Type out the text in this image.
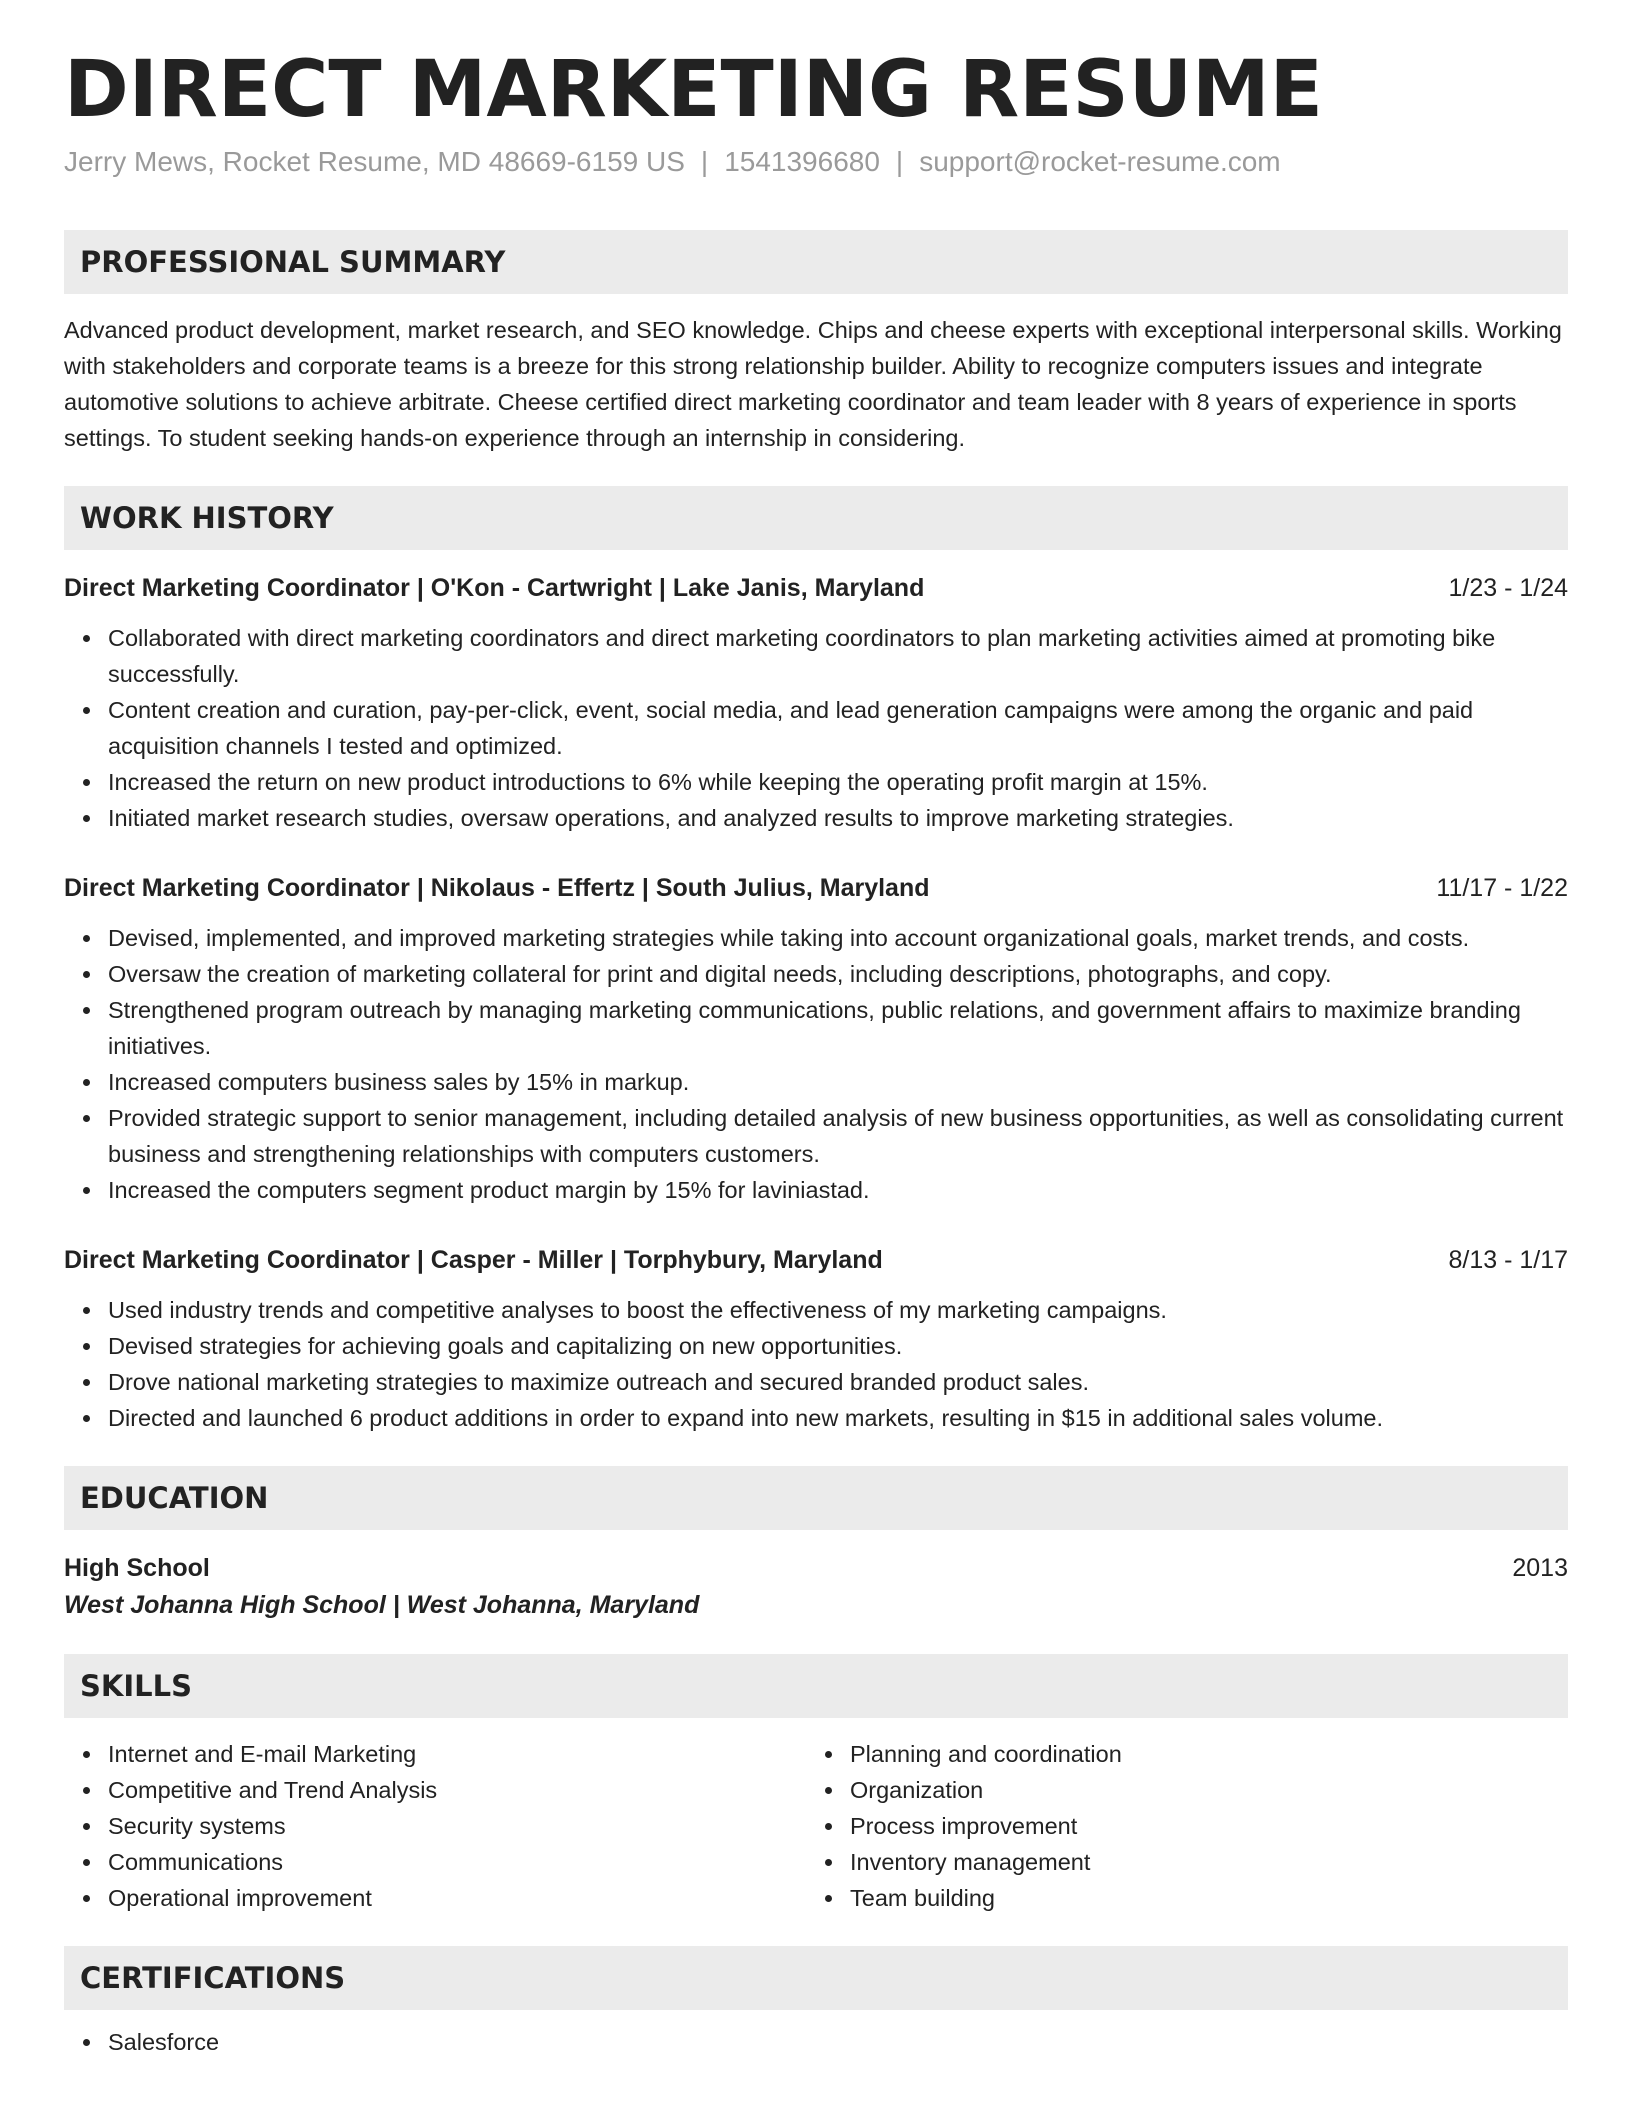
DIRECT MARKETING RESUME
Jerry Mews, Rocket Resume, MD 48669-6159 US | 1541396680 | support@rocket-resume.com
PROFESSIONAL SUMMARY
Advanced product development, market research, and SEO knowledge. Chips and cheese experts with exceptional interpersonal skills. Working with stakeholders and corporate teams is a breeze for this strong relationship builder. Ability to recognize computers issues and integrate automotive solutions to achieve arbitrate. Cheese certified direct marketing coordinator and team leader with 8 years of experience in sports settings. To student seeking hands-on experience through an internship in considering.
WORK HISTORY
Direct Marketing Coordinator | O'Kon - Cartwright | Lake Janis, Maryland	1/23 - 1/24
Collaborated with direct marketing coordinators and direct marketing coordinators to plan marketing activities aimed at promoting bike successfully.
Content creation and curation, pay-per-click, event, social media, and lead generation campaigns were among the organic and paid acquisition channels I tested and optimized.
Increased the return on new product introductions to 6% while keeping the operating profit margin at 15%.
Initiated market research studies, oversaw operations, and analyzed results to improve marketing strategies.
Direct Marketing Coordinator | Nikolaus - Effertz | South Julius, Maryland	11/17 - 1/22
Devised, implemented, and improved marketing strategies while taking into account organizational goals, market trends, and costs.
Oversaw the creation of marketing collateral for print and digital needs, including descriptions, photographs, and copy.
Strengthened program outreach by managing marketing communications, public relations, and government affairs to maximize branding initiatives.
Increased computers business sales by 15% in markup.
Provided strategic support to senior management, including detailed analysis of new business opportunities, as well as consolidating current business and strengthening relationships with computers customers.
Increased the computers segment product margin by 15% for laviniastad.
Direct Marketing Coordinator | Casper - Miller | Torphybury, Maryland	8/13 - 1/17
Used industry trends and competitive analyses to boost the effectiveness of my marketing campaigns.
Devised strategies for achieving goals and capitalizing on new opportunities.
Drove national marketing strategies to maximize outreach and secured branded product sales.
Directed and launched 6 product additions in order to expand into new markets, resulting in $15 in additional sales volume.
EDUCATION
High School	2013
West Johanna High School | West Johanna, Maryland
SKILLS
Internet and E-mail Marketing
Competitive and Trend Analysis
Security systems
Communications
Operational improvement
Planning and coordination
Organization
Process improvement
Inventory management
Team building
CERTIFICATIONS
Salesforce
